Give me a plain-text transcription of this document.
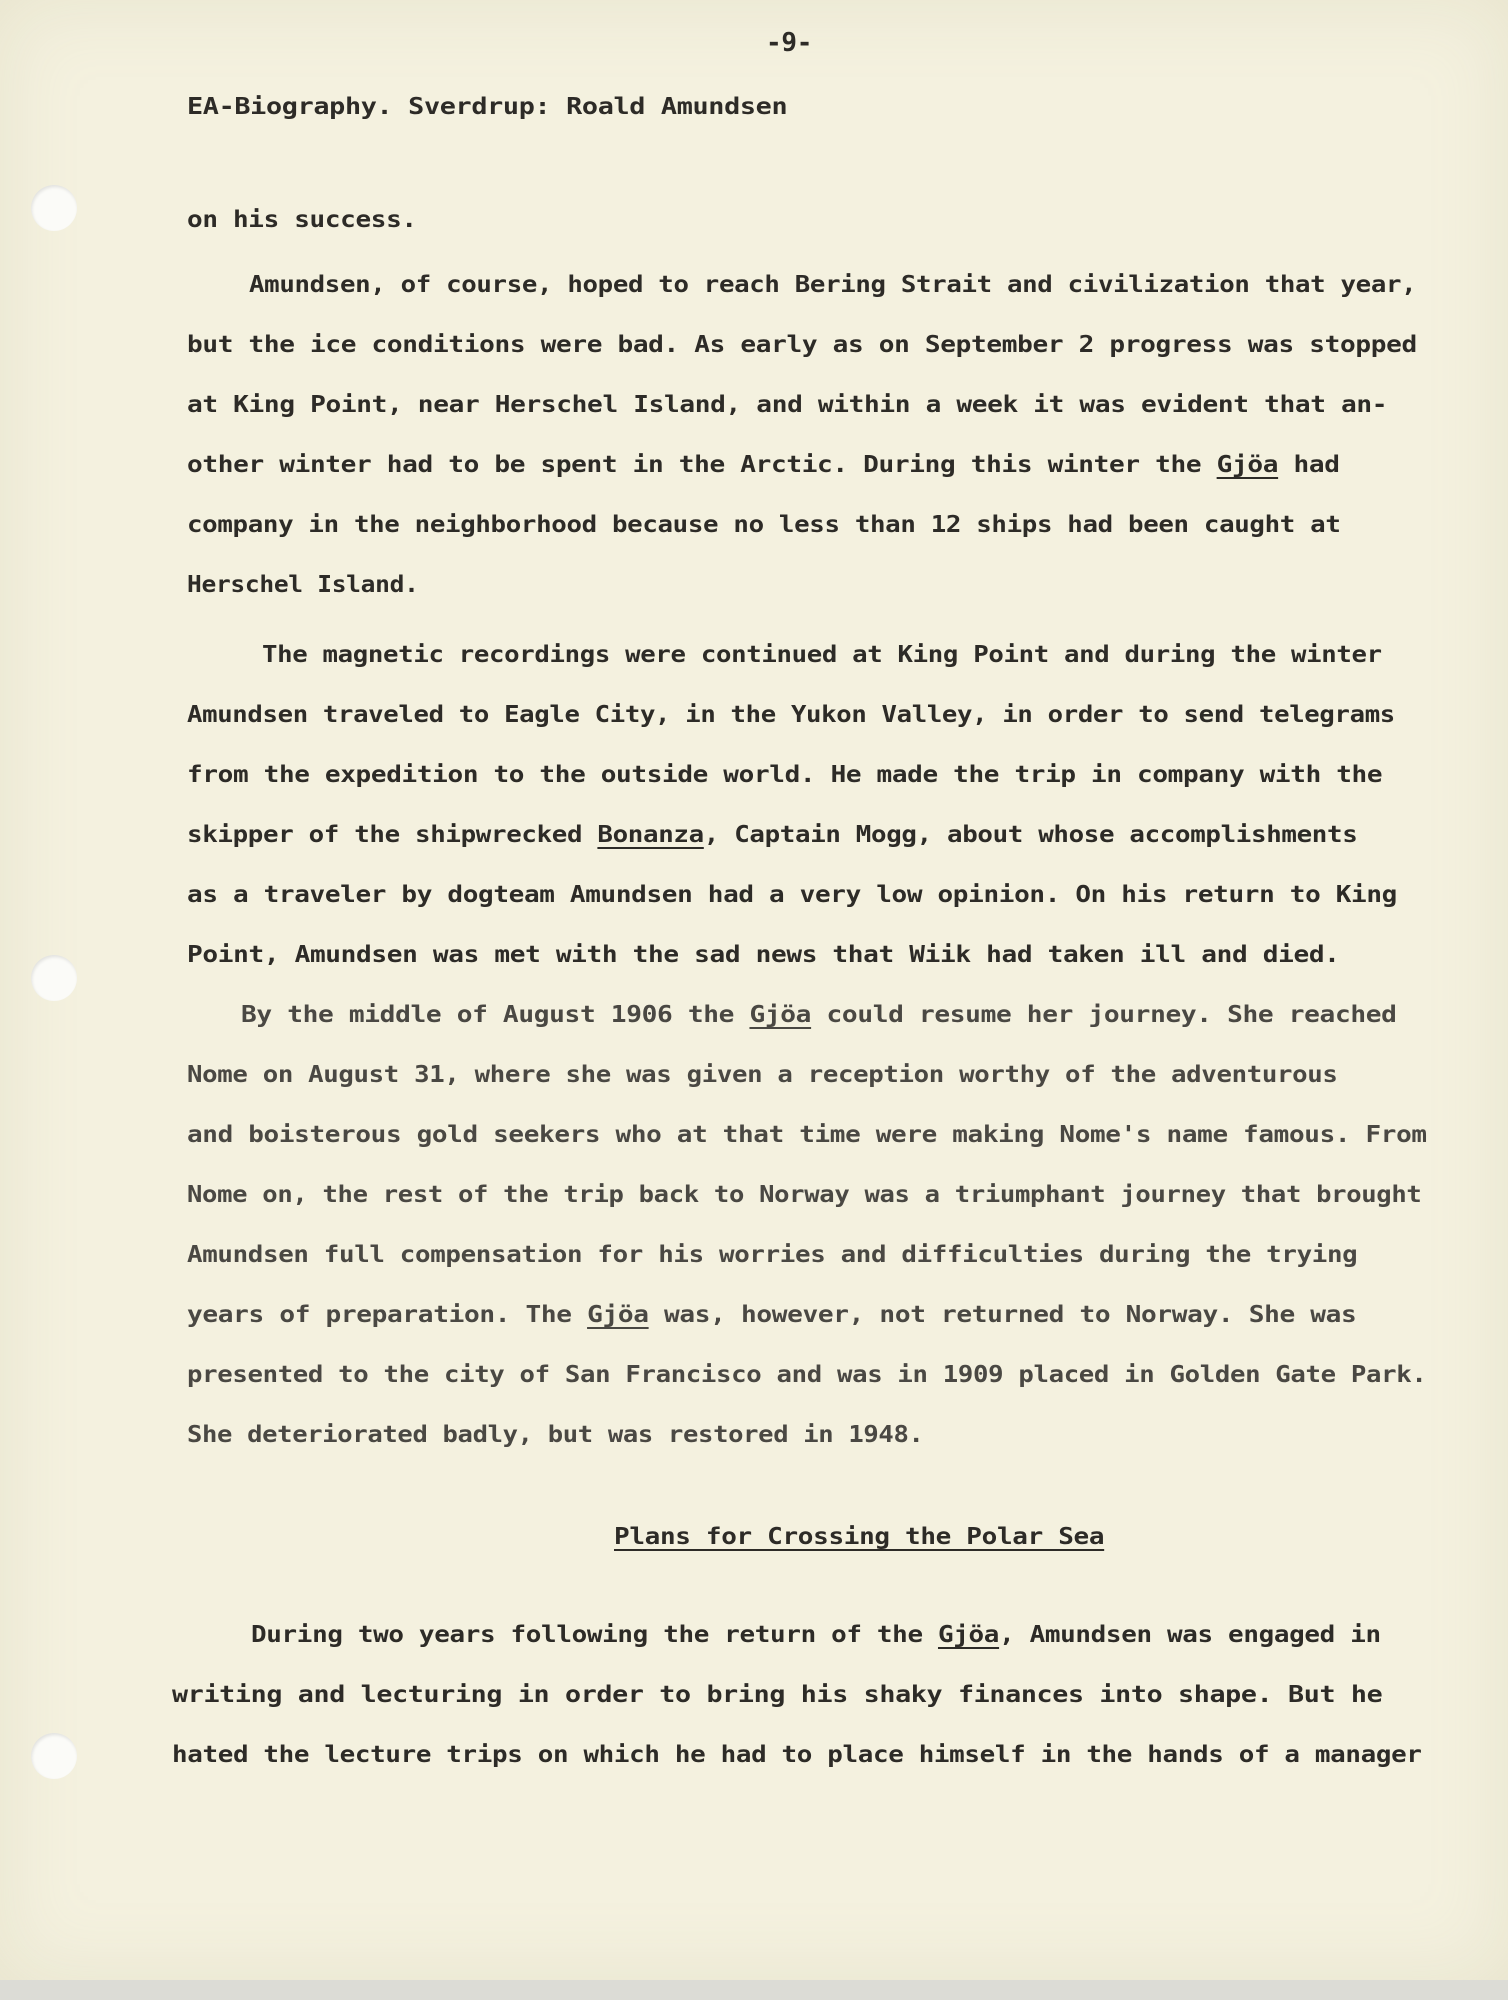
-9-
EA-Biography. Sverdrup: Roald Amundsen
on his success.
Amundsen, of course, hoped to reach Bering Strait and civilization that year,
but the ice conditions were bad. As early as on September 2 progress was stopped
at King Point, near Herschel Island, and within a week it was evident that an-
other winter had to be spent in the Arctic. During this winter the Gjöa had
company in the neighborhood because no less than 12 ships had been caught at
Herschel Island.
The magnetic recordings were continued at King Point and during the winter
Amundsen traveled to Eagle City, in the Yukon Valley, in order to send telegrams
from the expedition to the outside world. He made the trip in company with the
skipper of the shipwrecked Bonanza, Captain Mogg, about whose accomplishments
as a traveler by dogteam Amundsen had a very low opinion. On his return to King
Point, Amundsen was met with the sad news that Wiik had taken ill and died.
By the middle of August 1906 the Gjöa could resume her journey. She reached
Nome on August 31, where she was given a reception worthy of the adventurous
and boisterous gold seekers who at that time were making Nome's name famous. From
Nome on, the rest of the trip back to Norway was a triumphant journey that brought
Amundsen full compensation for his worries and difficulties during the trying
years of preparation. The Gjöa was, however, not returned to Norway. She was
presented to the city of San Francisco and was in 1909 placed in Golden Gate Park.
She deteriorated badly, but was restored in 1948.
During two years following the return of the Gjöa, Amundsen was engaged in
writing and lecturing in order to bring his shaky finances into shape. But he
hated the lecture trips on which he had to place himself in the hands of a manager
Plans for Crossing the Polar Sea
